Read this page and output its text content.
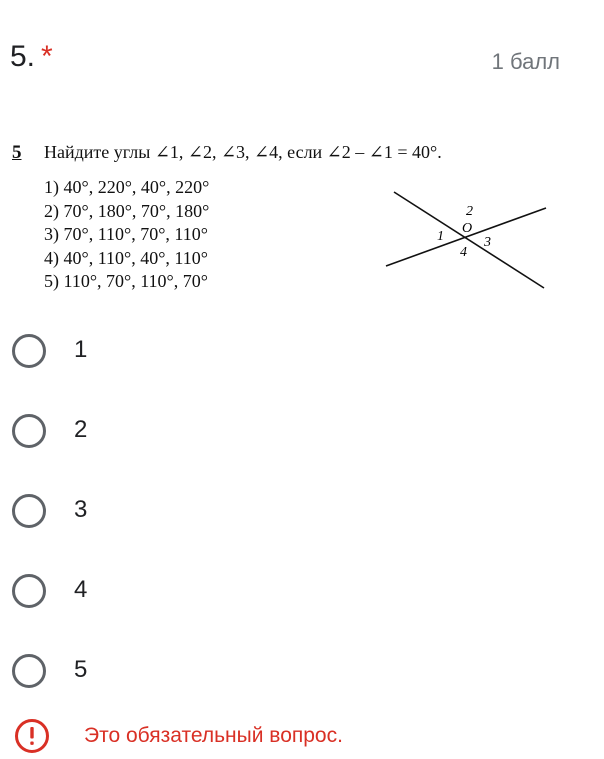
5. *	1 балл
5 Найдите углы ∠1, ∠2, ∠3, ∠4, если ∠2 – ∠1 = 40°.
1) 40°, 220°, 40°, 220°
2) 70°, 180°, 70°, 180°
3) 70°, 110°, 70°, 110°
4) 40°, 110°, 40°, 110°
5) 110°, 70°, 110°, 70°
1
2
O
3
4
1
2
3
4
5
Это обязательный вопрос.
